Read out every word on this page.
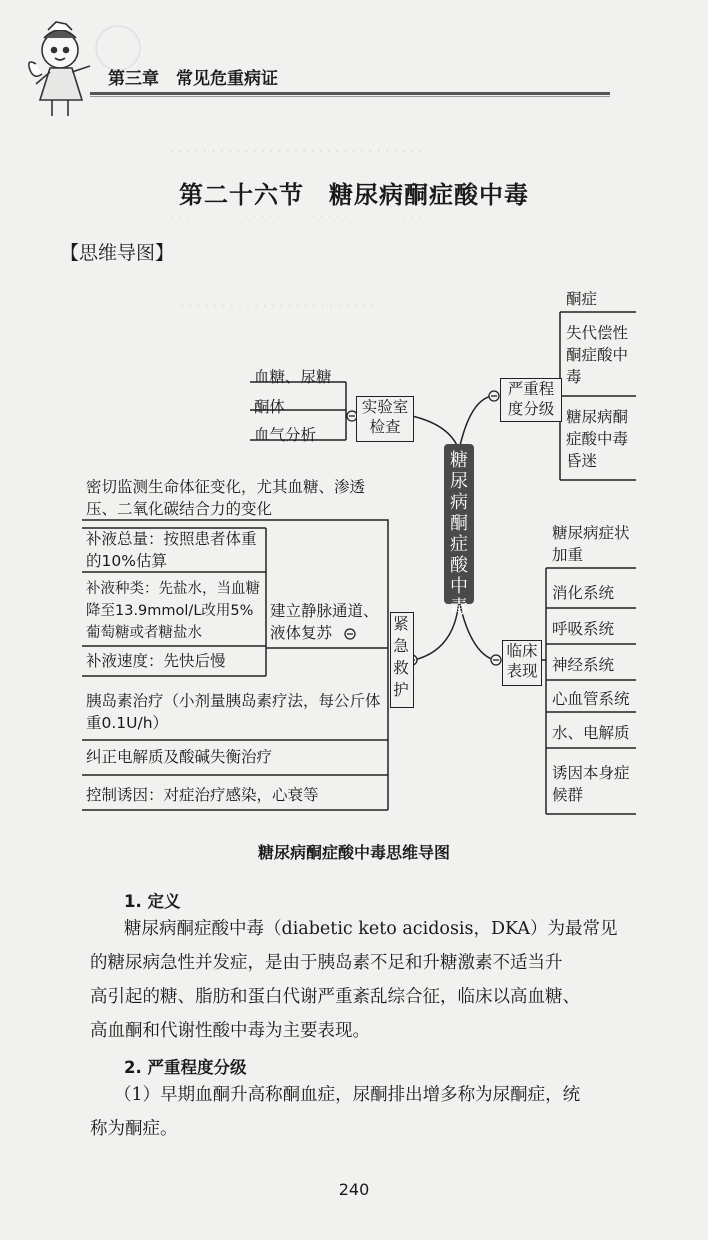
· · · · · · · · · · · · · · · · · · · · · · · · · · · · · · ·
· · · · · · · · · · · · · · · · · · · · · · · · · · · · · · ·
· · · · · · · · · · · · · · · · · · · · · · · ·
第三章　常见危重病证
第二十六节　糖尿病酮症酸中毒
【思维导图】
糖尿病酮症酸中毒
实验室检查
血糖、尿糖
酮体
血气分析
严重程度分级
酮症
失代偿性酮症酸中毒
糖尿病酮症酸中毒昏迷
紧急救护
密切监测生命体征变化，尤其血糖、渗透压、二氧化碳结合力的变化
建立静脉通道、液体复苏
补液总量：按照患者体重的10%估算
补液种类：先盐水，当血糖降至13.9mmol/L改用5%葡萄糖或者糖盐水
补液速度：先快后慢
胰岛素治疗（小剂量胰岛素疗法，每公斤体重0.1U/h）
纠正电解质及酸碱失衡治疗
控制诱因：对症治疗感染，心衰等
临床表现
糖尿病症状加重
消化系统
呼吸系统
神经系统
心血管系统
水、电解质
诱因本身症候群
糖尿病酮症酸中毒思维导图
1. 定义
糖尿病酮症酸中毒（diabetic keto acidosis，DKA）为最常见
的糖尿病急性并发症，是由于胰岛素不足和升糖激素不适当升
高引起的糖、脂肪和蛋白代谢严重紊乱综合征，临床以高血糖、
高血酮和代谢性酸中毒为主要表现。
2. 严重程度分级
（1）早期血酮升高称酮血症，尿酮排出增多称为尿酮症，统
称为酮症。
240
